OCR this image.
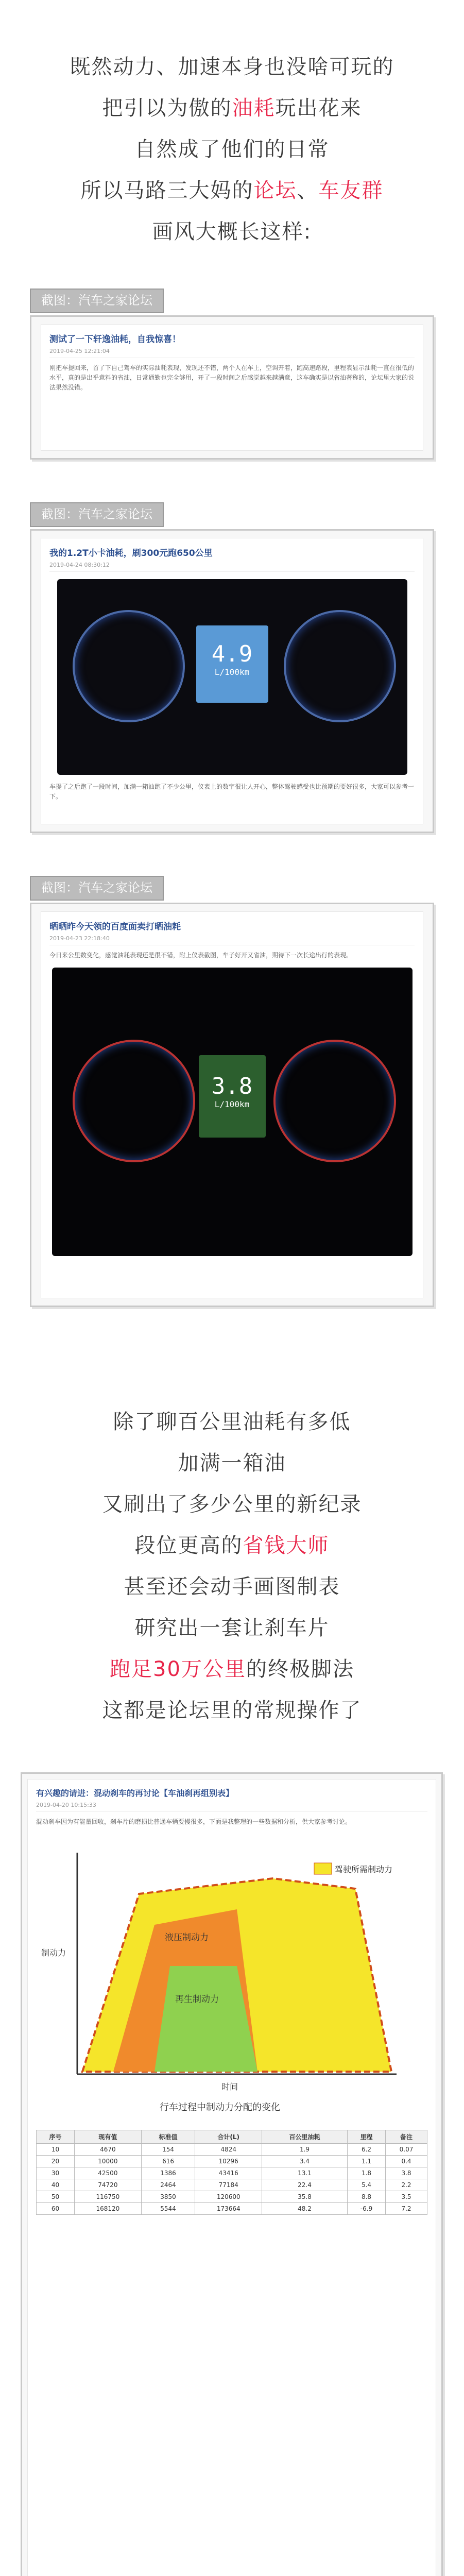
既然动力、加速本身也没啥可玩的
把引以为傲的油耗玩出花来
自然成了他们的日常
所以马路三大妈的论坛、车友群
画风大概长这样:
截图：汽车之家论坛
测试了一下轩逸油耗，自我惊喜！
2019-04-25 12:21:04
刚把车提回来，首了下自己驾车的实际油耗表现，发现还不错，两个人在车上，空调开着，跑高速路段，里程表显示油耗一直在很低的水平，真的是出乎意料的省油，日常通勤也完全够用，开了一段时间之后感觉越来越满意，这车确实是以省油著称的，论坛里大家的说法果然没错。
截图：汽车之家论坛
我的1.2T小卡油耗，刷300元跑650公里
2019-04-24 08:30:12
4.9
L/100km
车提了之后跑了一段时间，加满一箱油跑了不少公里，仪表上的数字很让人开心，整体驾驶感受也比预期的要好很多，大家可以参考一下。
截图：汽车之家论坛
晒晒昨今天领的百度面卖打晒油耗
2019-04-23 22:18:40
今日来公里数变化，感觉油耗表现还是很不错，附上仪表截图，车子好开又省油，期待下一次长途出行的表现。
3.8
L/100km
除了聊百公里油耗有多低
加满一箱油
又刷出了多少公里的新纪录
段位更高的省钱大师
甚至还会动手画图制表
研究出一套让刹车片
跑足30万公里的终极脚法
这都是论坛里的常规操作了
有兴趣的请进：混动刹车的再讨论【车油刹再组别表】
2019-04-20 10:15:33
混动刹车因为有能量回收，刹车片的磨损比普通车辆要慢很多，下面是我整理的一些数据和分析，供大家参考讨论。
驾驶所需制动力
液压制动力
再生制动力
制动力
时间
行车过程中制动力分配的变化
序号	现有值	标准值	合计(L)	百公里油耗	里程	备注
10	4670	154	4824	1.9	6.2	0.07
20	10000	616	10296	3.4	1.1	0.4
30	42500	1386	43416	13.1	1.8	3.8
40	74720	2464	77184	22.4	5.4	2.2
50	116750	3850	120600	35.8	8.8	3.5
60	168120	5544	173664	48.2	-6.9	7.2
